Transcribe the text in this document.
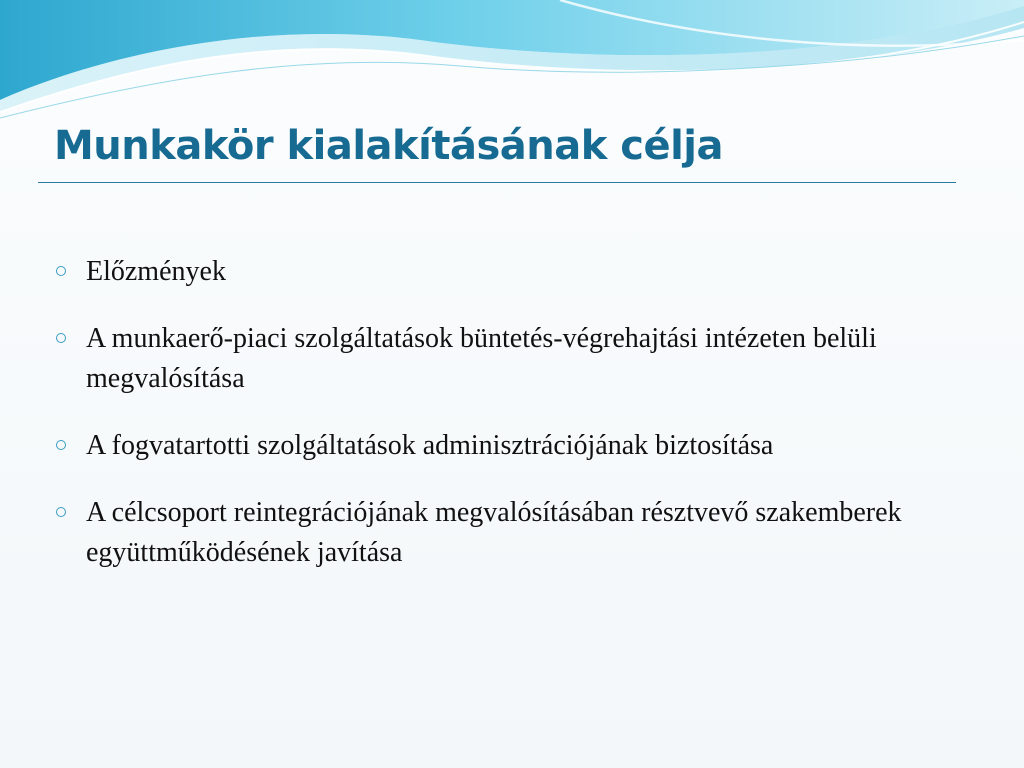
Munkakör kialakításának célja
Előzmények
A munkaerő-piaci szolgáltatások büntetés-végrehajtási intézeten belüli megvalósítása
A fogvatartotti szolgáltatások adminisztrációjának biztosítása
A célcsoport reintegrációjának megvalósításában résztvevő szakemberek együttműködésének javítása
